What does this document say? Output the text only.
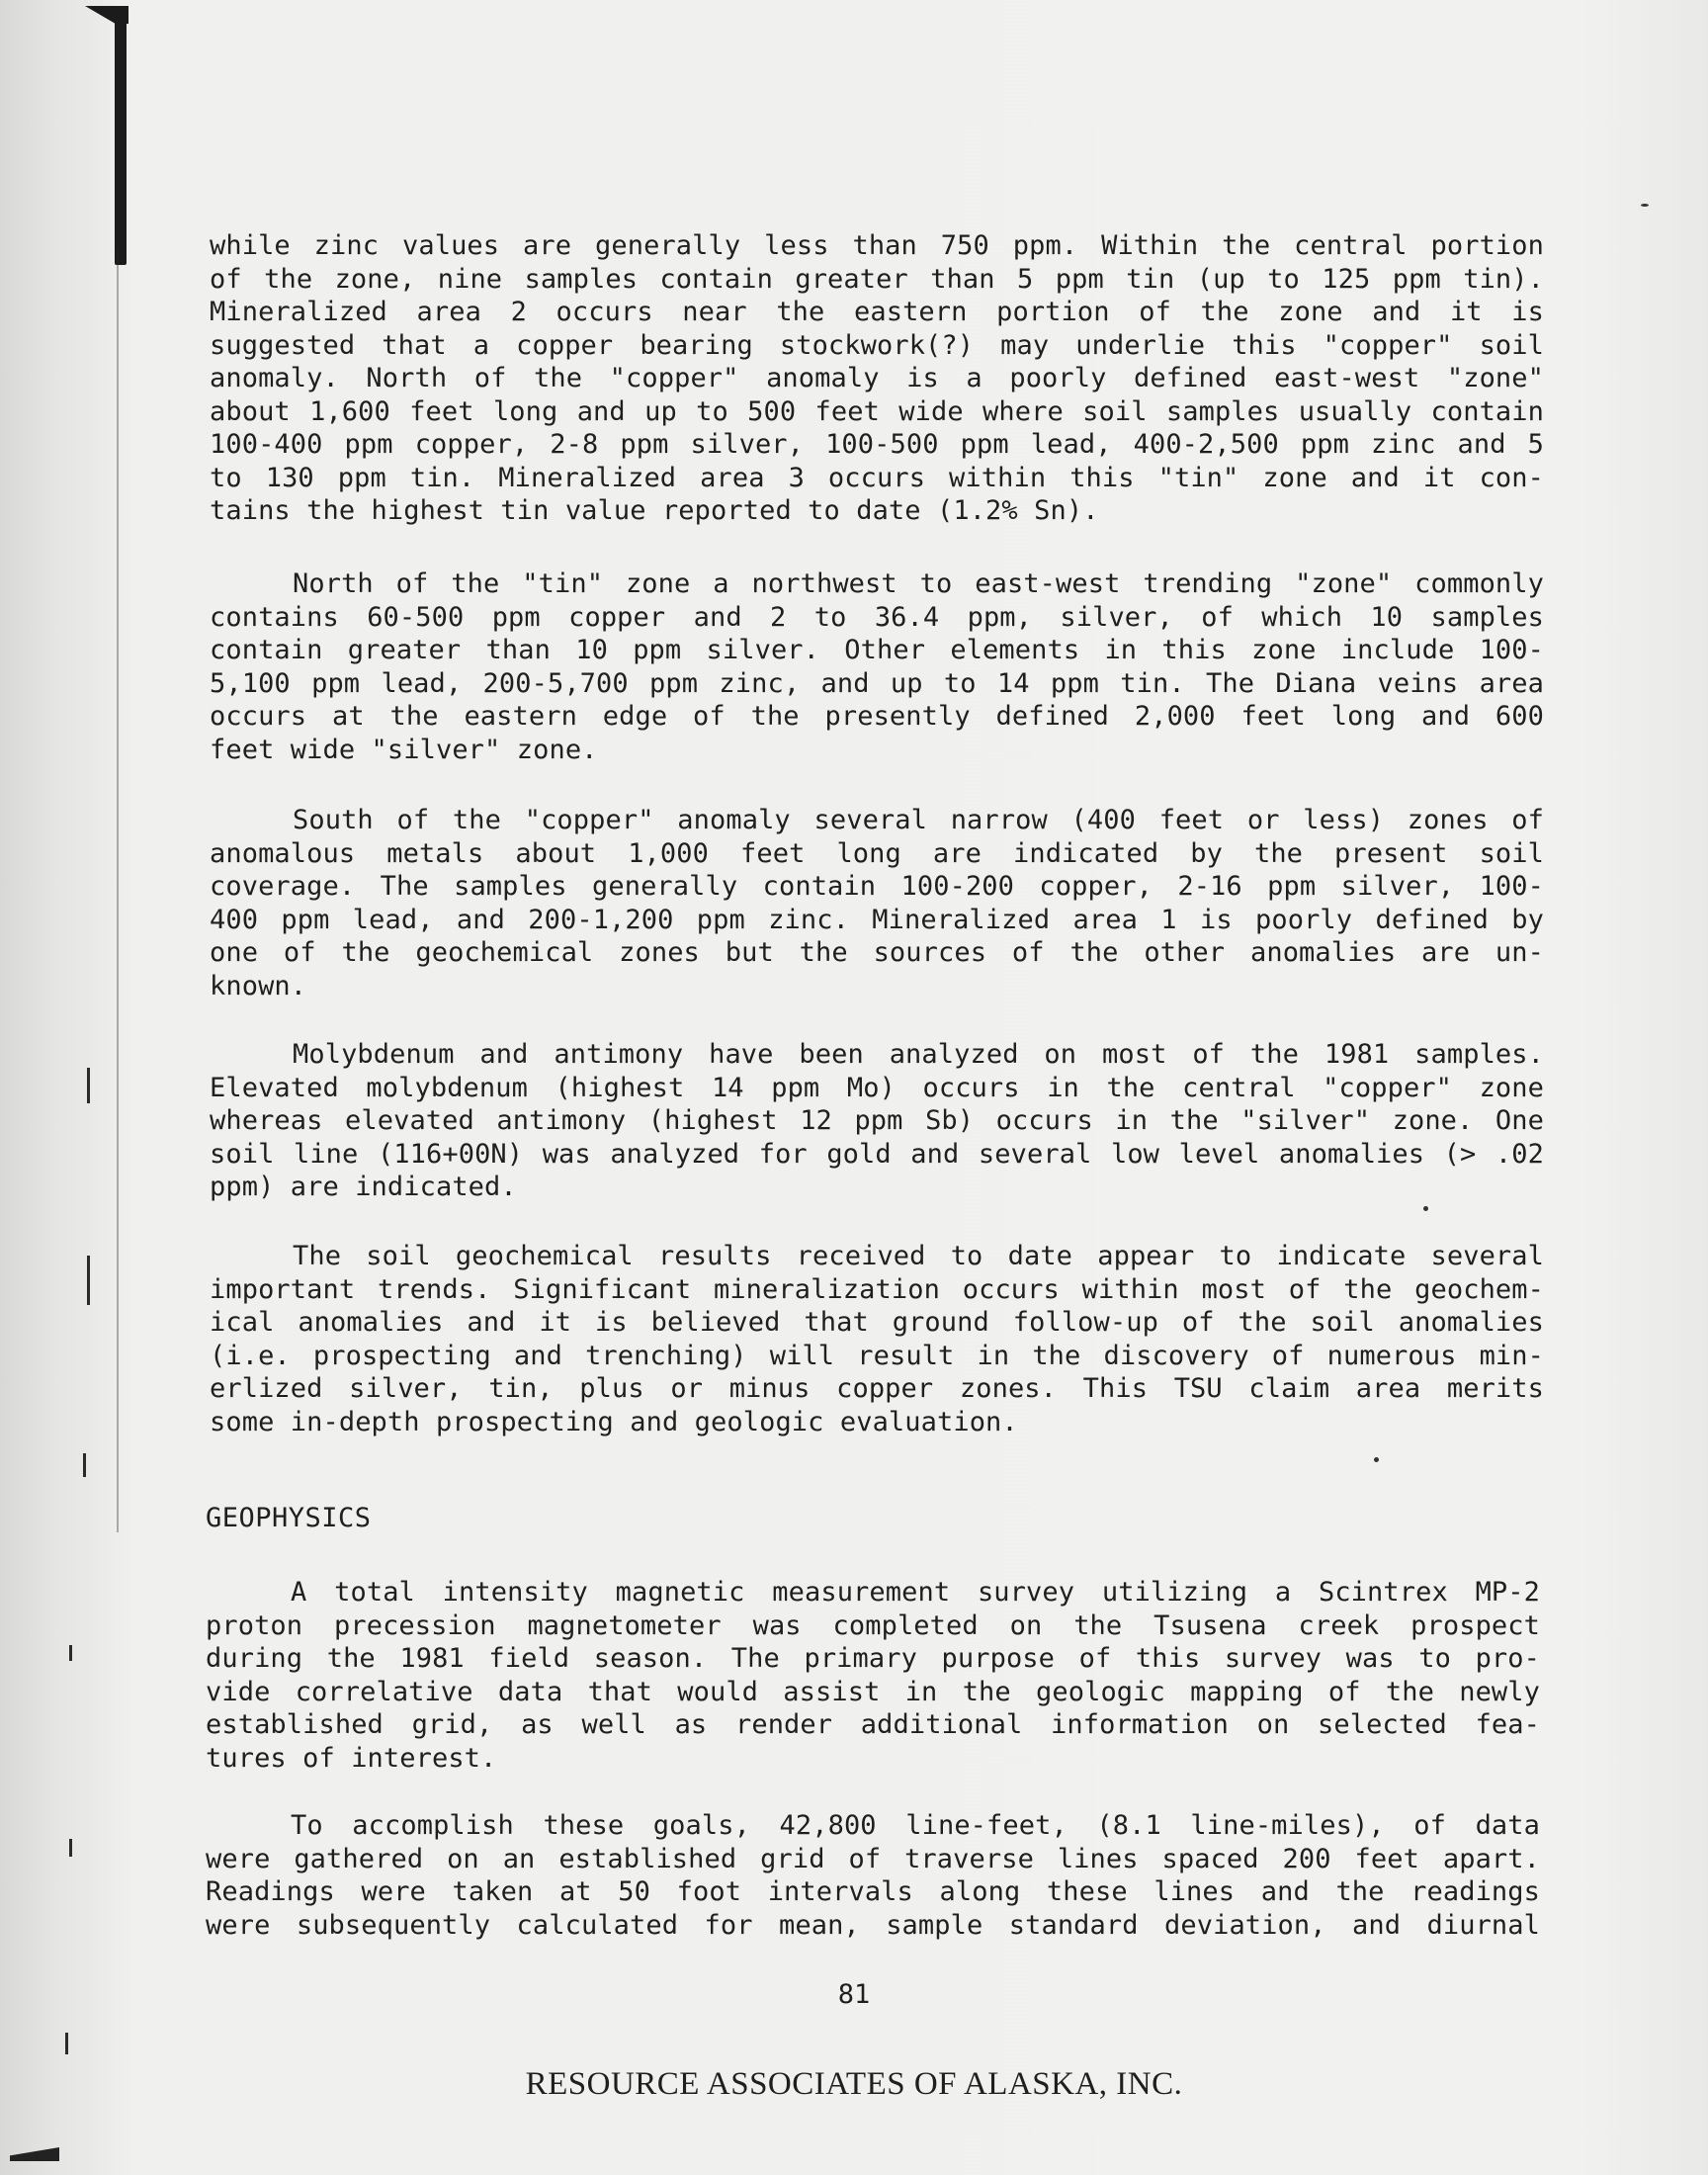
while zinc values are generally less than 750 ppm. Within the central portion
of the zone, nine samples contain greater than 5 ppm tin (up to 125 ppm tin).
Mineralized area 2 occurs near the eastern portion of the zone and it is
suggested that a copper bearing stockwork(?) may underlie this "copper" soil
anomaly. North of the "copper" anomaly is a poorly defined east-west "zone"
about 1,600 feet long and up to 500 feet wide where soil samples usually contain
100-400 ppm copper, 2-8 ppm silver, 100-500 ppm lead, 400-2,500 ppm zinc and 5
to 130 ppm tin. Mineralized area 3 occurs within this "tin" zone and it con-
tains the highest tin value reported to date (1.2% Sn).
North of the "tin" zone a northwest to east-west trending "zone" commonly
contains 60-500 ppm copper and 2 to 36.4 ppm, silver, of which 10 samples
contain greater than 10 ppm silver. Other elements in this zone include 100-
5,100 ppm lead, 200-5,700 ppm zinc, and up to 14 ppm tin. The Diana veins area
occurs at the eastern edge of the presently defined 2,000 feet long and 600
feet wide "silver" zone.
South of the "copper" anomaly several narrow (400 feet or less) zones of
anomalous metals about 1,000 feet long are indicated by the present soil
coverage. The samples generally contain 100-200 copper, 2-16 ppm silver, 100-
400 ppm lead, and 200-1,200 ppm zinc. Mineralized area 1 is poorly defined by
one of the geochemical zones but the sources of the other anomalies are un-
known.
Molybdenum and antimony have been analyzed on most of the 1981 samples.
Elevated molybdenum (highest 14 ppm Mo) occurs in the central "copper" zone
whereas elevated antimony (highest 12 ppm Sb) occurs in the "silver" zone. One
soil line (116+00N) was analyzed for gold and several low level anomalies (> .02
ppm) are indicated.
The soil geochemical results received to date appear to indicate several
important trends. Significant mineralization occurs within most of the geochem-
ical anomalies and it is believed that ground follow-up of the soil anomalies
(i.e. prospecting and trenching) will result in the discovery of numerous min-
erlized silver, tin, plus or minus copper zones. This TSU claim area merits
some in-depth prospecting and geologic evaluation.
GEOPHYSICS
A total intensity magnetic measurement survey utilizing a Scintrex MP-2
proton precession magnetometer was completed on the Tsusena creek prospect
during the 1981 field season. The primary purpose of this survey was to pro-
vide correlative data that would assist in the geologic mapping of the newly
established grid, as well as render additional information on selected fea-
tures of interest.
To accomplish these goals, 42,800 line-feet, (8.1 line-miles), of data
were gathered on an established grid of traverse lines spaced 200 feet apart.
Readings were taken at 50 foot intervals along these lines and the readings
were subsequently calculated for mean, sample standard deviation, and diurnal
81
RESOURCE ASSOCIATES OF ALASKA, INC.
